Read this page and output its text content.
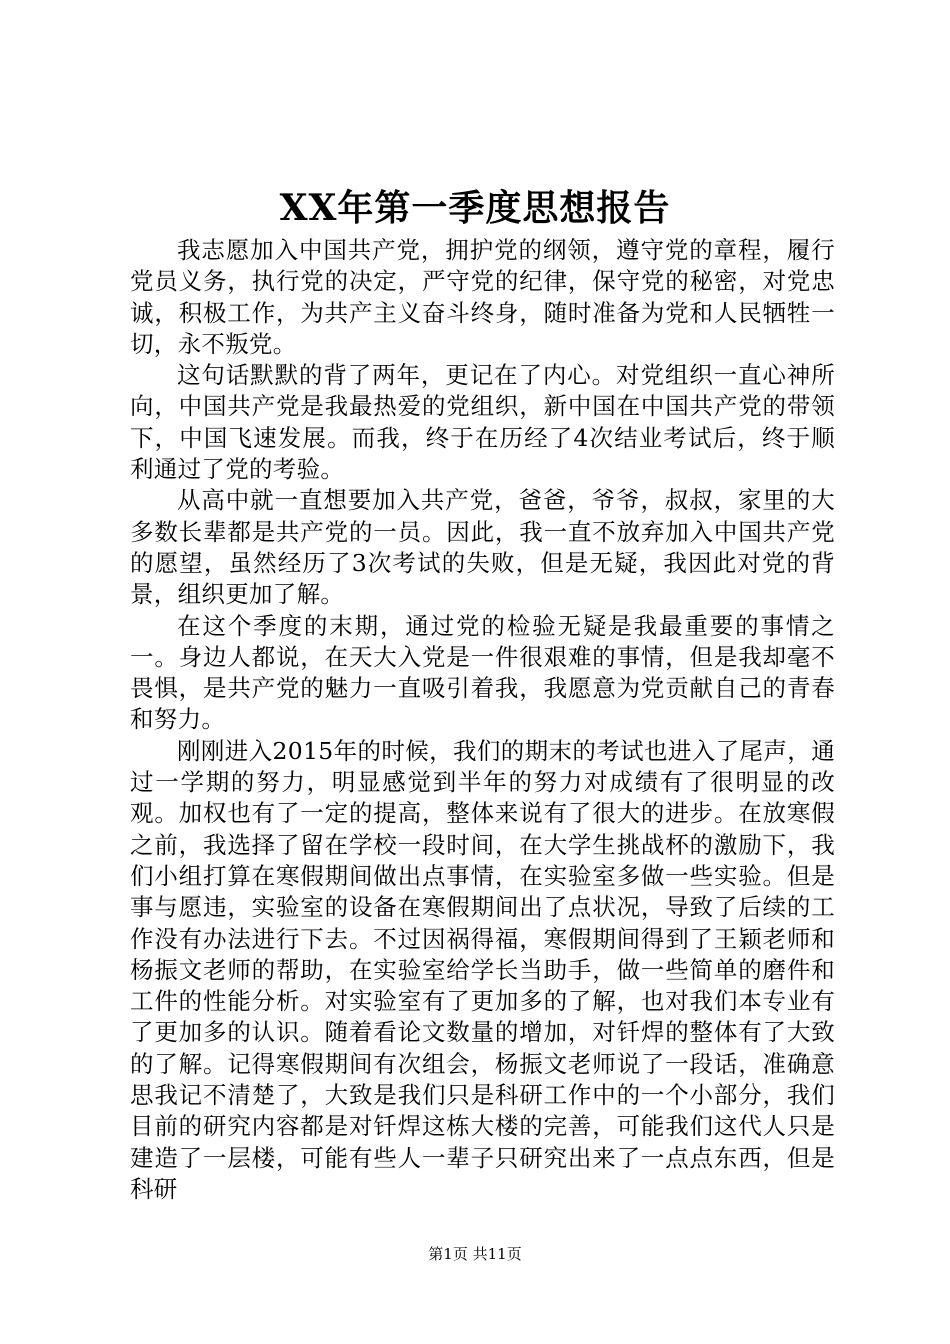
XX年第一季度思想报告

我志愿加入中国共产党，拥护党的纲领，遵守党的章程，履行党员义务，执行党的决定，严守党的纪律，保守党的秘密，对党忠诚，积极工作，为共产主义奋斗终身，随时准备为党和人民牺牲一切，永不叛党。

这句话默默的背了两年，更记在了内心。对党组织一直心神所向，中国共产党是我最热爱的党组织，新中国在中国共产党的带领下，中国飞速发展。而我，终于在历经了4次结业考试后，终于顺利通过了党的考验。

从高中就一直想要加入共产党，爸爸，爷爷，叔叔，家里的大多数长辈都是共产党的一员。因此，我一直不放弃加入中国共产党的愿望，虽然经历了3次考试的失败，但是无疑，我因此对党的背景，组织更加了解。

在这个季度的末期，通过党的检验无疑是我最重要的事情之一。身边人都说，在天大入党是一件很艰难的事情，但是我却毫不畏惧，是共产党的魅力一直吸引着我，我愿意为党贡献自己的青春和努力。

刚刚进入2015年的时候，我们的期末的考试也进入了尾声，通过一学期的努力，明显感觉到半年的努力对成绩有了很明显的改观。加权也有了一定的提高，整体来说有了很大的进步。在放寒假之前，我选择了留在学校一段时间，在大学生挑战杯的激励下，我们小组打算在寒假期间做出点事情，在实验室多做一些实验。但是事与愿违，实验室的设备在寒假期间出了点状况，导致了后续的工作没有办法进行下去。不过因祸得福，寒假期间得到了王颖老师和杨振文老师的帮助，在实验室给学长当助手，做一些简单的磨件和工件的性能分析。对实验室有了更加多的了解，也对我们本专业有了更加多的认识。随着看论文数量的增加，对钎焊的整体有了大致的了解。记得寒假期间有次组会，杨振文老师说了一段话，准确意思我记不清楚了，大致是我们只是科研工作中的一个小部分，我们目前的研究内容都是对钎焊这栋大楼的完善，可能我们这代人只是建造了一层楼，可能有些人一辈子只研究出来了一点点东西，但是科研

第1页 共11页
